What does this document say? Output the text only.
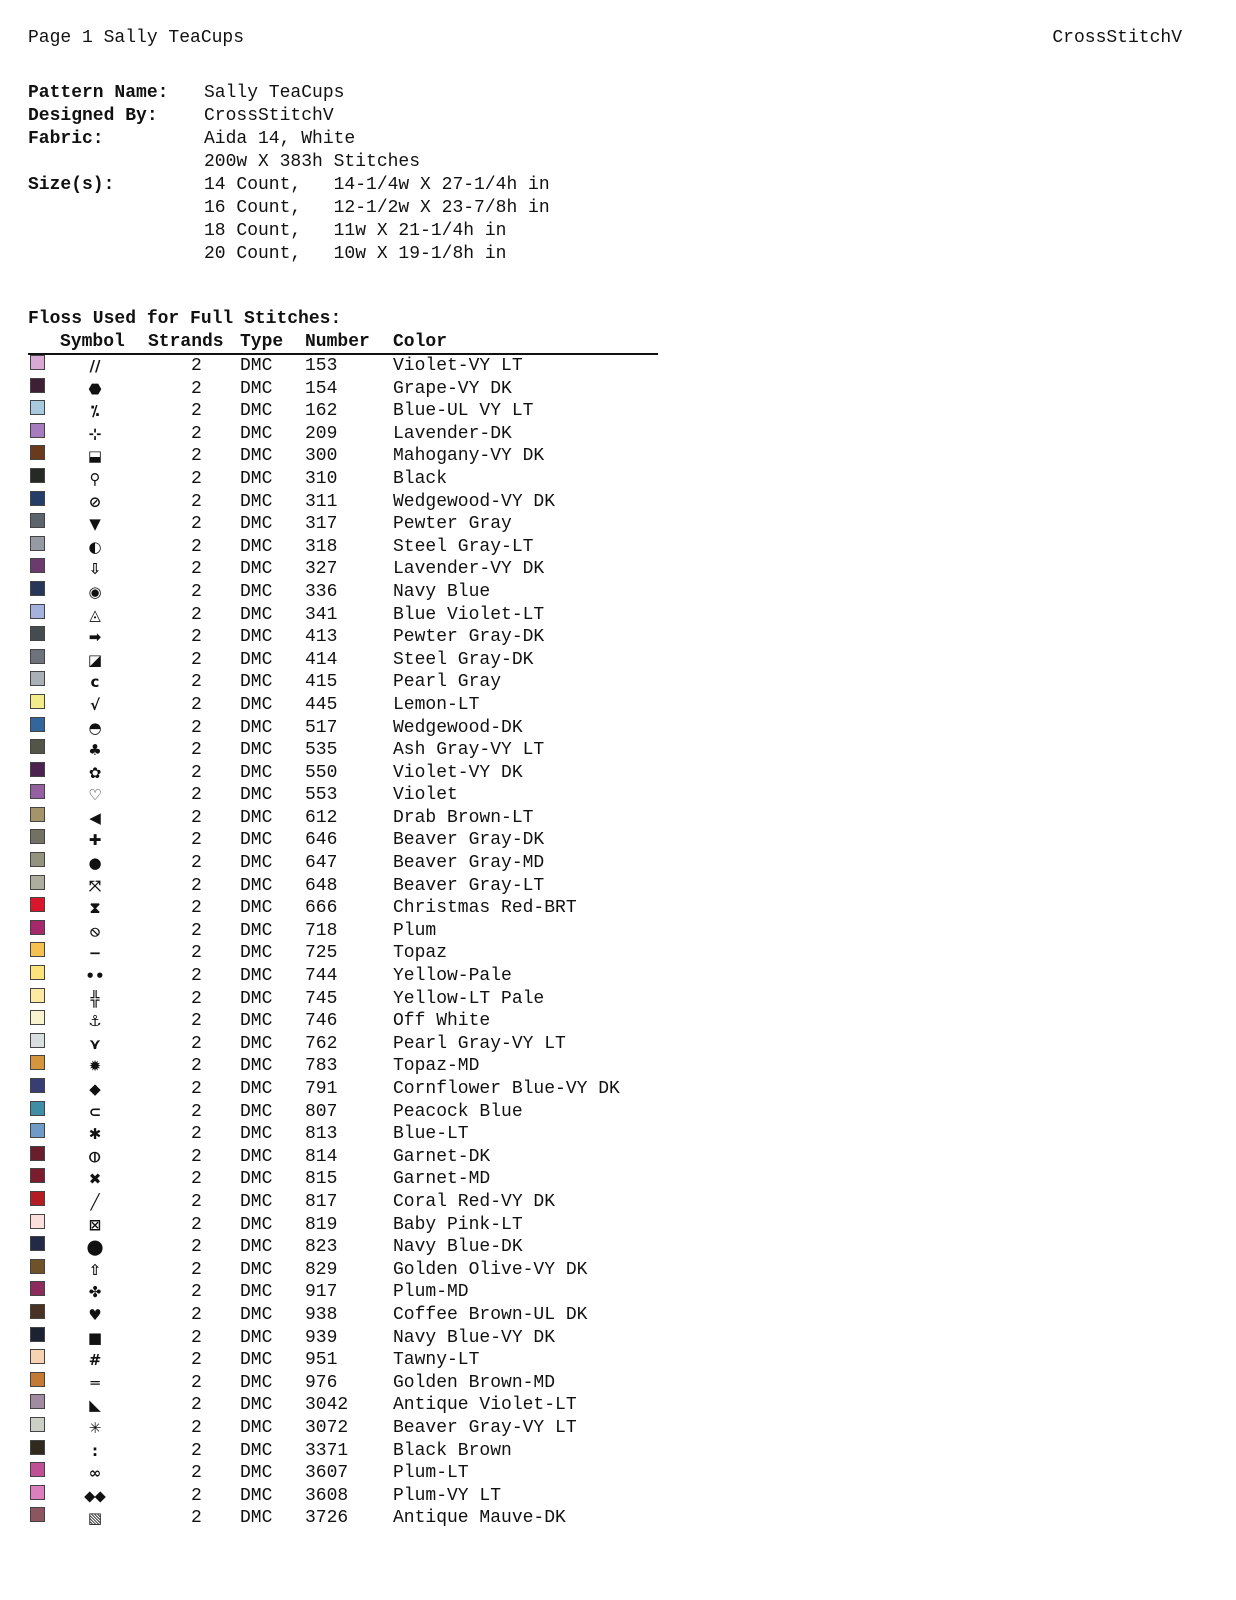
Page 1 Sally TeaCups	CrossStitchV
Pattern Name:	Sally TeaCups
Designed By:	CrossStitchV
Fabric:	Aida 14, White
200w X 383h Stitches
Size(s):	14 Count,   14-1/4w X 27-1/4h in
16 Count,   12-1/2w X 23-7/8h in
18 Count,   11w X 21-1/4h in
20 Count,   10w X 19-1/8h in
Floss Used for Full Stitches:
Symbol Strands Type Number Color
//	2 DMC 153	Violet-VY LT
⬣	2 DMC 154	Grape-VY DK
⁒	2 DMC 162	Blue-UL VY LT
⊹	2 DMC 209	Lavender-DK
⬓	2 DMC 300	Mahogany-VY DK
⚲	2 DMC 310	Black
⊘	2 DMC 311	Wedgewood-VY DK
▼	2 DMC 317	Pewter Gray
◐	2 DMC 318	Steel Gray-LT
⇩	2 DMC 327	Lavender-VY DK
◉	2 DMC 336	Navy Blue
◬	2 DMC 341	Blue Violet-LT
➡	2 DMC 413	Pewter Gray-DK
◪	2 DMC 414	Steel Gray-DK
c	2 DMC 415	Pearl Gray
√	2 DMC 445	Lemon-LT
◓	2 DMC 517	Wedgewood-DK
♣	2 DMC 535	Ash Gray-VY LT
✿	2 DMC 550	Violet-VY DK
♡	2 DMC 553	Violet
◀	2 DMC 612	Drab Brown-LT
✚	2 DMC 646	Beaver Gray-DK
●	2 DMC 647	Beaver Gray-MD
⤧	2 DMC 648	Beaver Gray-LT
⧗	2 DMC 666	Christmas Red-BRT
⦸	2 DMC 718	Plum
−	2 DMC 725	Topaz
••	2 DMC 744	Yellow-Pale
╬	2 DMC 745	Yellow-LT Pale
⚓	2 DMC 746	Off White
⋎	2 DMC 762	Pearl Gray-VY LT
✹	2 DMC 783	Topaz-MD
◆	2 DMC 791	Cornflower Blue-VY DK
⊂	2 DMC 807	Peacock Blue
✱	2 DMC 813	Blue-LT
⦶	2 DMC 814	Garnet-DK
✖	2 DMC 815	Garnet-MD
╱	2 DMC 817	Coral Red-VY DK
⊠	2 DMC 819	Baby Pink-LT
⬤	2 DMC 823	Navy Blue-DK
⇧	2 DMC 829	Golden Olive-VY DK
✤	2 DMC 917	Plum-MD
♥	2 DMC 938	Coffee Brown-UL DK
■	2 DMC 939	Navy Blue-VY DK
#	2 DMC 951	Tawny-LT
═	2 DMC 976	Golden Brown-MD
◣	2 DMC 3042 Antique Violet-LT
✳	2 DMC 3072 Beaver Gray-VY LT
:	2 DMC 3371 Black Brown
∞	2 DMC 3607 Plum-LT
⬥⬥	2 DMC 3608 Plum-VY LT
▧	2 DMC 3726 Antique Mauve-DK
